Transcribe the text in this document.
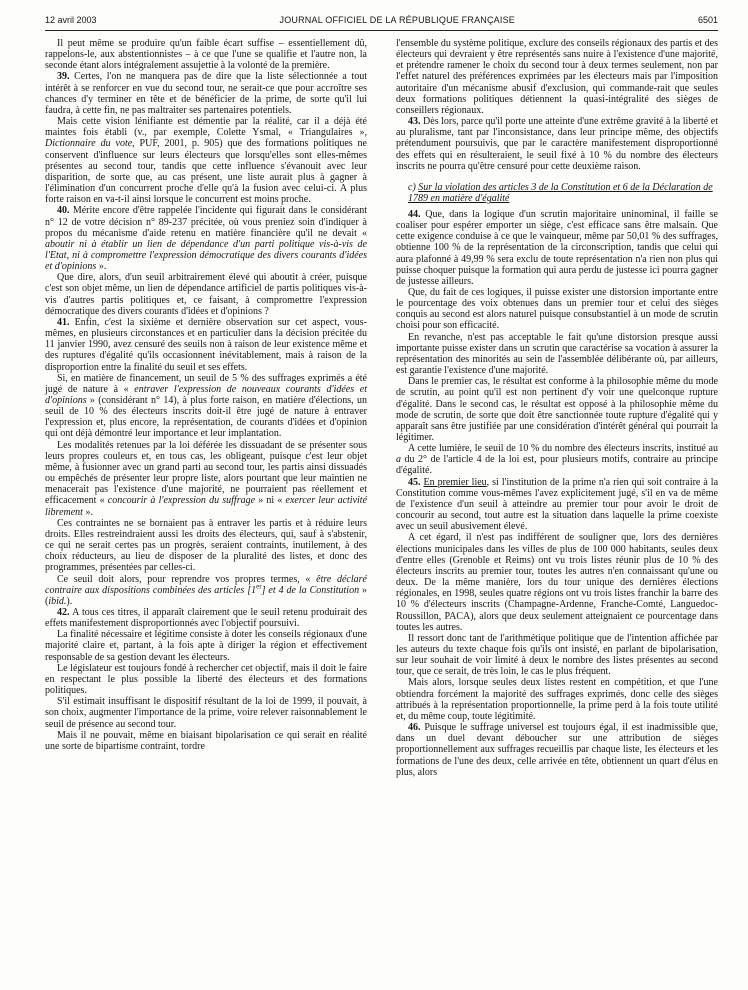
12 avril 2003	JOURNAL OFFICIEL DE LA RÉPUBLIQUE FRANÇAISE	6501

Il peut même se produire qu'un faible écart suffise – essentiellement dû, rappelons-le, aux abstentionnistes – à ce que l'une se qualifie et l'autre non, la seconde étant alors intégralement assujettie à la volonté de la première.

39. Certes, l'on ne manquera pas de dire que la liste sélectionnée a tout intérêt à se renforcer en vue du second tour, ne serait-ce que pour accroître ses chances d'y terminer en tête et de bénéficier de la prime, de sorte qu'il lui faudra, à cette fin, ne pas maltraiter ses partenaires potentiels.

Mais cette vision lénifiante est démentie par la réalité, car il a déjà été maintes fois établi (v., par exemple, Colette Ysmal, « Triangulaires », Dictionnaire du vote, PUF, 2001, p. 905) que des formations politiques ne conservent d'influence sur leurs électeurs que lorsqu'elles sont elles-mêmes présentes au second tour, tandis que cette influence s'évanouit avec leur disparition, de sorte que, au cas présent, une liste aurait plus à gagner à l'élimination d'un concurrent proche d'elle qu'à la fusion avec celui-ci. A plus forte raison en va-t-il ainsi lorsque le concurrent est moins proche.

40. Mérite encore d'être rappelée l'incidente qui figurait dans le considérant n° 12 de votre décision n° 89-237 précitée, où vous preniez soin d'indiquer à propos du mécanisme d'aide retenu en matière financière qu'il ne devait « aboutir ni à établir un lien de dépendance d'un parti politique vis-à-vis de l'Etat, ni à compromettre l'expression démocratique des divers courants d'idées et d'opinions ».

Que dire, alors, d'un seuil arbitrairement élevé qui aboutit à créer, puisque c'est son objet même, un lien de dépendance artificiel de partis politiques vis-à-vis d'autres partis politiques et, ce faisant, à compromettre l'expression démocratique des divers courants d'idées et d'opinions ?

41. Enfin, c'est la sixième et dernière observation sur cet aspect, vous-mêmes, en plusieurs circonstances et en particulier dans la décision précitée du 11 janvier 1990, avez censuré des seuils non à raison de leur existence même et des ruptures d'égalité qu'ils occasionnent inévitablement, mais à raison de la disproportion entre la finalité du seuil et ses effets.

Si, en matière de financement, un seuil de 5 % des suffrages exprimés a été jugé de nature à « entraver l'expression de nouveaux courants d'idées et d'opinions » (considérant n° 14), à plus forte raison, en matière d'élections, un seuil de 10 % des électeurs inscrits doit-il être jugé de nature à entraver l'expression et, plus encore, la représentation, de courants d'idées et d'opinion qui ont déjà démontré leur importance et leur implantation.

Les modalités retenues par la loi déférée les dissuadant de se présenter sous leurs propres couleurs et, en tous cas, les obligeant, puisque c'est leur objet même, à fusionner avec un grand parti au second tour, les partis ainsi dissuadés ou empêchés de présenter leur propre liste, alors pourtant que leur maintien ne menacerait pas l'existence d'une majorité, ne pourraient pas réellement et efficacement « concourir à l'expression du suffrage » ni « exercer leur activité librement ».

Ces contraintes ne se bornaient pas à entraver les partis et à réduire leurs droits. Elles restreindraient aussi les droits des électeurs, qui, sauf à s'abstenir, ce qui ne serait certes pas un progrès, seraient contraints, inutilement, à des choix réducteurs, au lieu de disposer de la pluralité des listes, et donc des programmes, présentées par celles-ci.

Ce seuil doit alors, pour reprendre vos propres termes, « être déclaré contraire aux dispositions combinées des articles [1er] et 4 de la Constitution » (ibid.).

42. A tous ces titres, il apparaît clairement que le seuil retenu produirait des effets manifestement disproportionnés avec l'objectif poursuivi.

La finalité nécessaire et légitime consiste à doter les conseils régionaux d'une majorité claire et, partant, à la fois apte à diriger la région et effectivement responsable de sa gestion devant les électeurs.

Le législateur est toujours fondé à rechercher cet objectif, mais il doit le faire en respectant le plus possible la liberté des électeurs et des formations politiques.

S'il estimait insuffisant le dispositif résultant de la loi de 1999, il pouvait, à son choix, augmenter l'importance de la prime, voire relever raisonnablement le seuil de présence au second tour.

Mais il ne pouvait, même en biaisant bipolarisation ce qui serait en réalité une sorte de bipartisme contraint, tordre

l'ensemble du système politique, exclure des conseils régionaux des partis et des électeurs qui devraient y être représentés sans nuire à l'existence d'une majorité, et prétendre ramener le choix du second tour à deux termes seulement, non par l'effet naturel des préférences exprimées par les électeurs mais par l'imposition autoritaire d'un mécanisme abusif d'exclusion, qui commande-rait que seules deux formations politiques détiennent la quasi-intégralité des sièges de conseillers régionaux.

43. Dès lors, parce qu'il porte une atteinte d'une extrême gravité à la liberté et au pluralisme, tant par l'inconsistance, dans leur principe même, des objectifs prétendument poursuivis, que par le caractère manifestement disproportionné des effets qui en résulteraient, le seuil fixé à 10 % du nombre des électeurs inscrits ne pourra qu'être censuré pour cette deuxième raison.

c) Sur la violation des articles 3 de la Constitution et 6 de la Déclaration de 1789 en matière d'égalité

44. Que, dans la logique d'un scrutin majoritaire uninominal, il faille se coaliser pour espérer emporter un siège, c'est efficace sans être malsain. Que cette exigence conduise à ce que le vainqueur, même par 50,01 % des suffrages, obtienne 100 % de la représentation de la circonscription, tandis que celui qui aura plafonné à 49,99 % sera exclu de toute représentation n'a rien non plus qui puisse choquer puisque la formation qui aura perdu de justesse ici pourra gagner de justesse ailleurs.

Que, du fait de ces logiques, il puisse exister une distorsion importante entre le pourcentage des voix obtenues dans un premier tour et celui des sièges conquis au second est alors naturel puisque consubstantiel à un mode de scrutin choisi pour son efficacité.

En revanche, n'est pas acceptable le fait qu'une distorsion presque aussi importante puisse exister dans un scrutin que caractérise sa vocation à assurer la représentation des minorités au sein de l'assemblée délibérante où, par ailleurs, est garantie l'existence d'une majorité.

Dans le premier cas, le résultat est conforme à la philosophie même du mode de scrutin, au point qu'il est non pertinent d'y voir une quelconque rupture d'égalité. Dans le second cas, le résultat est opposé à la philosophie même du mode de scrutin, de sorte que doit être sanctionnée toute rupture d'égalité qui y apparaît sans être justifiée par une considération d'intérêt général qui pourrait la légitimer.

A cette lumière, le seuil de 10 % du nombre des électeurs inscrits, institué au a du 2° de l'article 4 de la loi est, pour plusieurs motifs, contraire au principe d'égalité.

45. En premier lieu, si l'institution de la prime n'a rien qui soit contraire à la Constitution comme vous-mêmes l'avez explicitement jugé, s'il en va de même de l'existence d'un seuil à atteindre au premier tour pour avoir le droit de concourir au second, tout autre est la situation dans laquelle la prime coexiste avec un seuil abusivement élevé.

A cet égard, il n'est pas indifférent de souligner que, lors des dernières élections municipales dans les villes de plus de 100 000 habitants, seules deux d'entre elles (Grenoble et Reims) ont vu trois listes réunir plus de 10 % des électeurs inscrits au premier tour, toutes les autres n'en connaissant qu'une ou deux. De la même manière, lors du tour unique des dernières élections régionales, en 1998, seules quatre régions ont vu trois listes franchir la barre des 10 % d'électeurs inscrits (Champagne-Ardenne, Franche-Comté, Languedoc-Roussillon, PACA), alors que deux seulement atteignaient ce pourcentage dans toutes les autres.

Il ressort donc tant de l'arithmétique politique que de l'intention affichée par les auteurs du texte chaque fois qu'ils ont insisté, en parlant de bipolarisation, sur leur souhait de voir limité à deux le nombre des listes présentes au second tour, que ce serait, de très loin, le cas le plus fréquent.

Mais alors, lorsque seules deux listes restent en compétition, et que l'une obtiendra forcément la majorité des suffrages exprimés, donc celle des sièges attribués à la représentation proportionnelle, la prime perd à la fois toute utilité et, du même coup, toute légitimité.

46. Puisque le suffrage universel est toujours égal, il est inadmissible que, dans un duel devant déboucher sur une attribution de sièges proportionnellement aux suffrages recueillis par chaque liste, les électeurs et les formations de l'une des deux, celle arrivée en tête, obtiennent un quart d'élus en plus, alors
